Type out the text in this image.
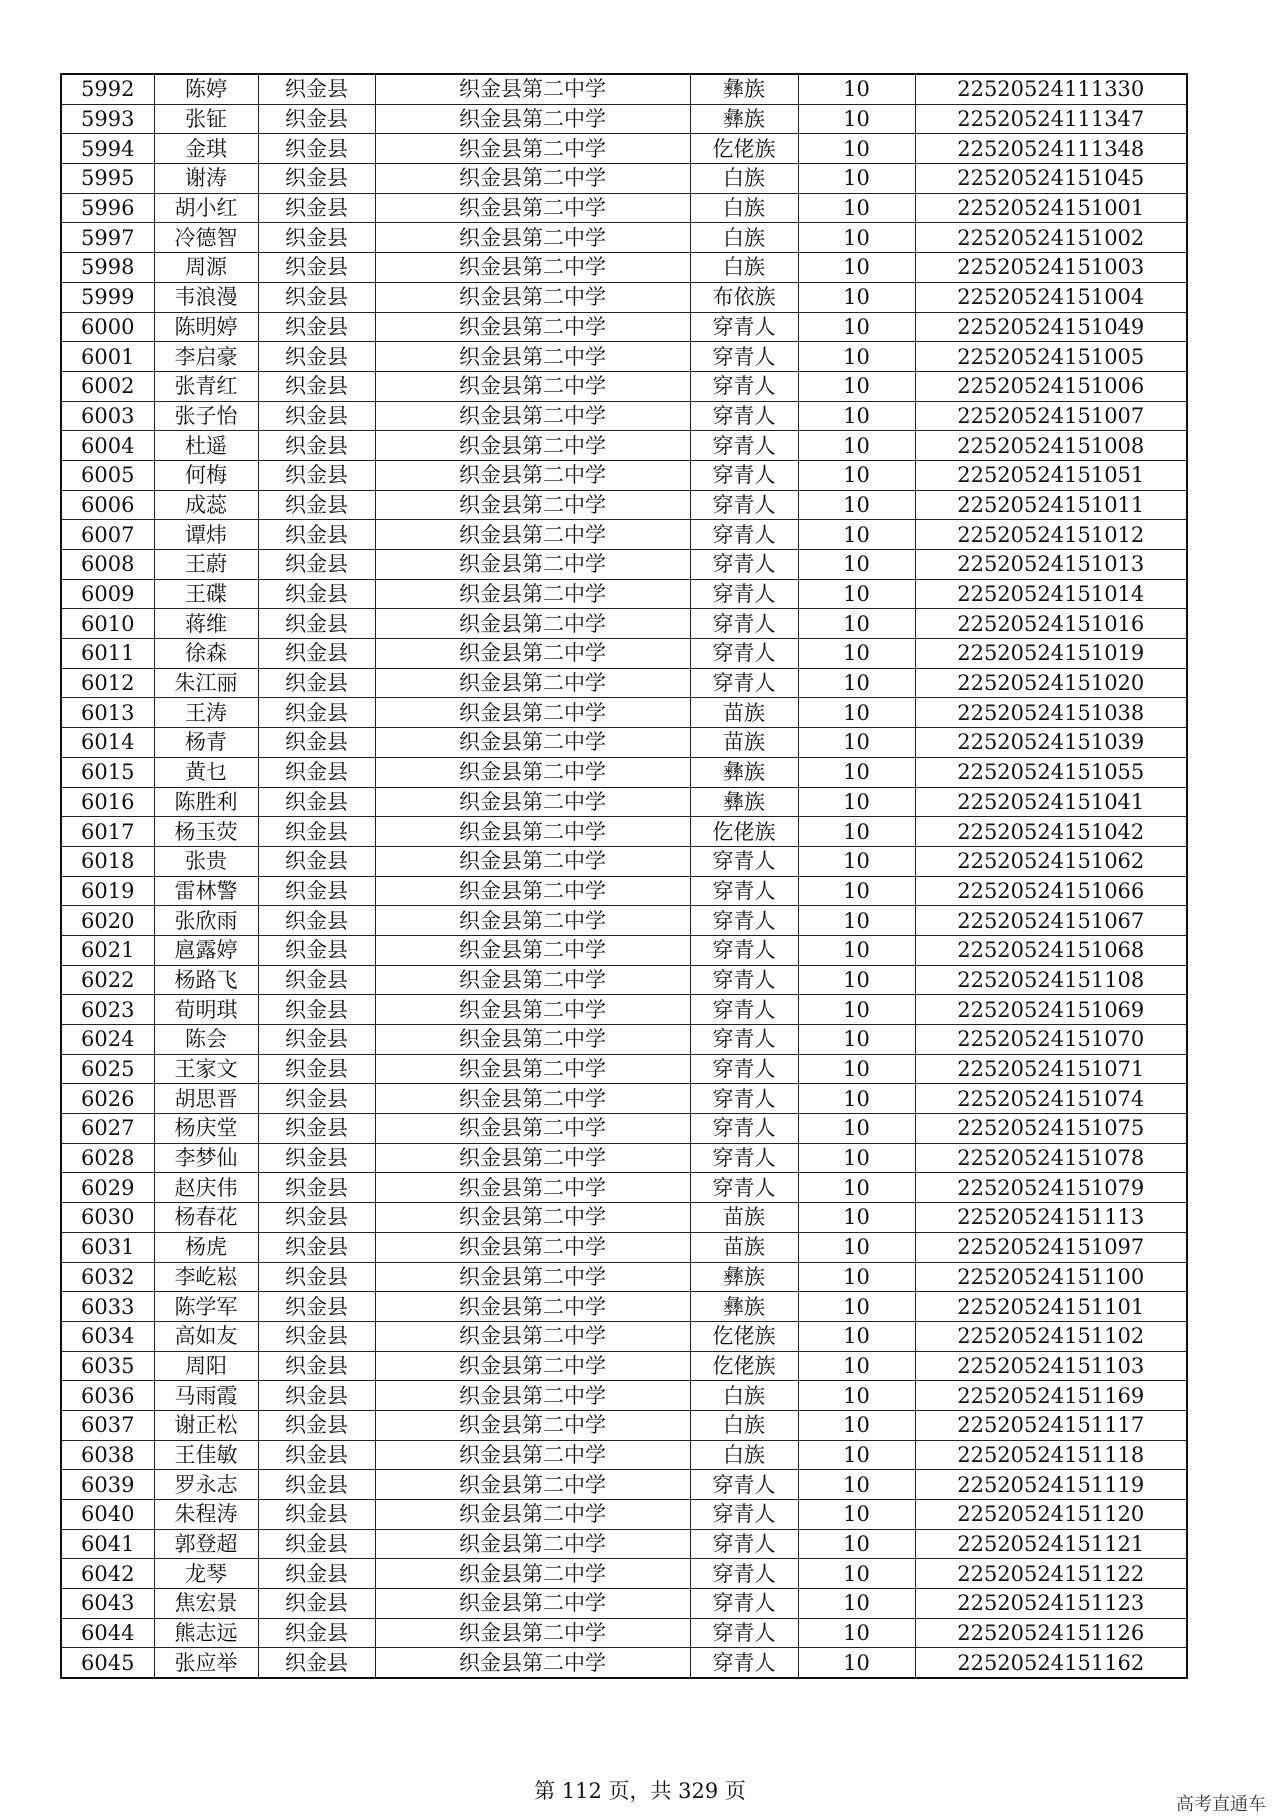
5992	陈婷	织金县	织金县第二中学	彝族	10	22520524111330
5993	张钲	织金县	织金县第二中学	彝族	10	22520524111347
5994	金琪	织金县	织金县第二中学	仡佬族	10	22520524111348
5995	谢涛	织金县	织金县第二中学	白族	10	22520524151045
5996	胡小红	织金县	织金县第二中学	白族	10	22520524151001
5997	冷德智	织金县	织金县第二中学	白族	10	22520524151002
5998	周源	织金县	织金县第二中学	白族	10	22520524151003
5999	韦浪漫	织金县	织金县第二中学	布依族	10	22520524151004
6000	陈明婷	织金县	织金县第二中学	穿青人	10	22520524151049
6001	李启豪	织金县	织金县第二中学	穿青人	10	22520524151005
6002	张青红	织金县	织金县第二中学	穿青人	10	22520524151006
6003	张子怡	织金县	织金县第二中学	穿青人	10	22520524151007
6004	杜遥	织金县	织金县第二中学	穿青人	10	22520524151008
6005	何梅	织金县	织金县第二中学	穿青人	10	22520524151051
6006	成蕊	织金县	织金县第二中学	穿青人	10	22520524151011
6007	谭炜	织金县	织金县第二中学	穿青人	10	22520524151012
6008	王蔚	织金县	织金县第二中学	穿青人	10	22520524151013
6009	王碟	织金县	织金县第二中学	穿青人	10	22520524151014
6010	蒋维	织金县	织金县第二中学	穿青人	10	22520524151016
6011	徐森	织金县	织金县第二中学	穿青人	10	22520524151019
6012	朱江丽	织金县	织金县第二中学	穿青人	10	22520524151020
6013	王涛	织金县	织金县第二中学	苗族	10	22520524151038
6014	杨青	织金县	织金县第二中学	苗族	10	22520524151039
6015	黄乜	织金县	织金县第二中学	彝族	10	22520524151055
6016	陈胜利	织金县	织金县第二中学	彝族	10	22520524151041
6017	杨玉荧	织金县	织金县第二中学	仡佬族	10	22520524151042
6018	张贵	织金县	织金县第二中学	穿青人	10	22520524151062
6019	雷林警	织金县	织金县第二中学	穿青人	10	22520524151066
6020	张欣雨	织金县	织金县第二中学	穿青人	10	22520524151067
6021	扈露婷	织金县	织金县第二中学	穿青人	10	22520524151068
6022	杨路飞	织金县	织金县第二中学	穿青人	10	22520524151108
6023	荀明琪	织金县	织金县第二中学	穿青人	10	22520524151069
6024	陈会	织金县	织金县第二中学	穿青人	10	22520524151070
6025	王家文	织金县	织金县第二中学	穿青人	10	22520524151071
6026	胡思晋	织金县	织金县第二中学	穿青人	10	22520524151074
6027	杨庆堂	织金县	织金县第二中学	穿青人	10	22520524151075
6028	李梦仙	织金县	织金县第二中学	穿青人	10	22520524151078
6029	赵庆伟	织金县	织金县第二中学	穿青人	10	22520524151079
6030	杨春花	织金县	织金县第二中学	苗族	10	22520524151113
6031	杨虎	织金县	织金县第二中学	苗族	10	22520524151097
6032	李屹崧	织金县	织金县第二中学	彝族	10	22520524151100
6033	陈学军	织金县	织金县第二中学	彝族	10	22520524151101
6034	高如友	织金县	织金县第二中学	仡佬族	10	22520524151102
6035	周阳	织金县	织金县第二中学	仡佬族	10	22520524151103
6036	马雨霞	织金县	织金县第二中学	白族	10	22520524151169
6037	谢正松	织金县	织金县第二中学	白族	10	22520524151117
6038	王佳敏	织金县	织金县第二中学	白族	10	22520524151118
6039	罗永志	织金县	织金县第二中学	穿青人	10	22520524151119
6040	朱程涛	织金县	织金县第二中学	穿青人	10	22520524151120
6041	郭登超	织金县	织金县第二中学	穿青人	10	22520524151121
6042	龙琴	织金县	织金县第二中学	穿青人	10	22520524151122
6043	焦宏景	织金县	织金县第二中学	穿青人	10	22520524151123
6044	熊志远	织金县	织金县第二中学	穿青人	10	22520524151126
6045	张应举	织金县	织金县第二中学	穿青人	10	22520524151162
第 112 页，共 329 页
高考直通车
